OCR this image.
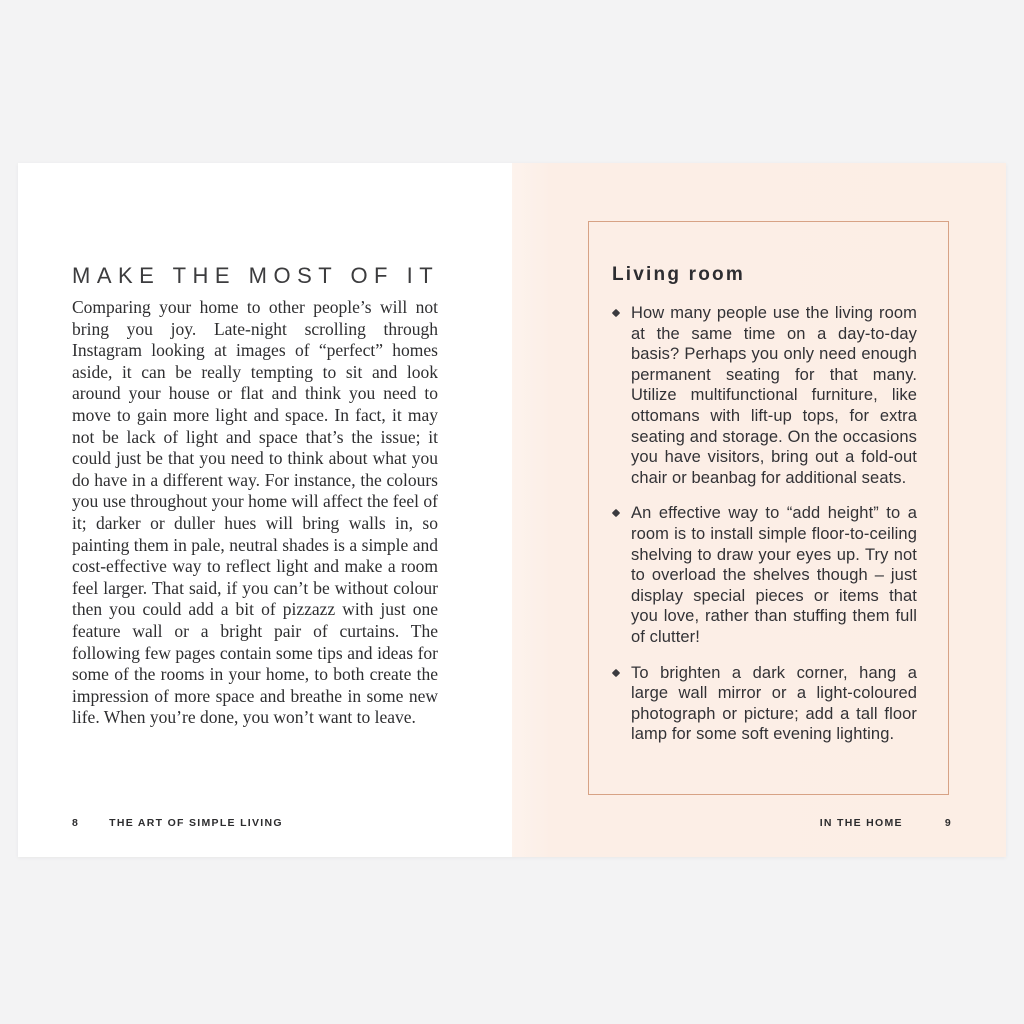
MAKE THE MOST OF IT
Comparing your home to other people’s will not bring you joy. Late-night scrolling through Instagram looking at images of “perfect” homes aside, it can be really tempting to sit and look around your house or flat and think you need to move to gain more light and space. In fact, it may not be lack of light and space that’s the issue; it could just be that you need to think about what you do have in a different way. For instance, the colours you use throughout your home will affect the feel of it; darker or duller hues will bring walls in, so painting them in pale, neutral shades is a simple and cost-effective way to reflect light and make a room feel larger. That said, if you can’t be without colour then you could add a bit of pizzazz with just one feature wall or a bright pair of curtains. The following few pages contain some tips and ideas for some of the rooms in your home, to both create the impression of more space and breathe in some new life. When you’re done, you won’t want to leave.
8	THE ART OF SIMPLE LIVING
Living room
How many people use the living room at the same time on a day-to-day basis? Perhaps you only need enough permanent seating for that many. Utilize multifunctional furniture, like ottomans with lift-up tops, for extra seating and storage. On the occasions you have visitors, bring out a fold-out chair or beanbag for additional seats.
An effective way to “add height” to a room is to install simple floor-to-ceiling shelving to draw your eyes up. Try not to overload the shelves though – just display special pieces or items that you love, rather than stuffing them full of clutter!
To brighten a dark corner, hang a large wall mirror or a light-coloured photograph or picture; add a tall floor lamp for some soft evening lighting.
IN THE HOME	9
